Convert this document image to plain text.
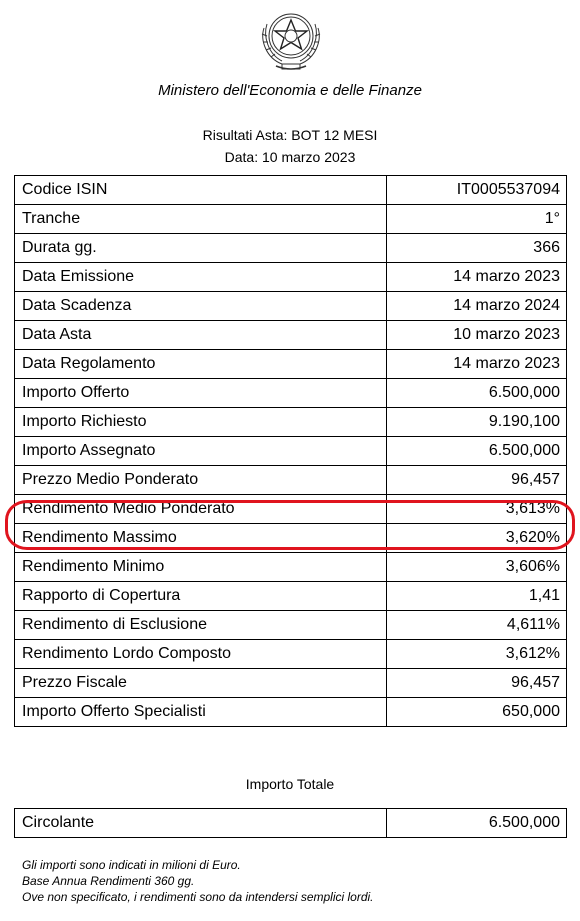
Ministero dell'Economia e delle Finanze
Risultati Asta: BOT 12 MESI
Data: 10 marzo 2023
Codice ISIN	IT0005537094
Tranche	1°
Durata gg.	366
Data Emissione	14 marzo 2023
Data Scadenza	14 marzo 2024
Data Asta	10 marzo 2023
Data Regolamento	14 marzo 2023
Importo Offerto	6.500,000
Importo Richiesto	9.190,100
Importo Assegnato	6.500,000
Prezzo Medio Ponderato	96,457
Rendimento Medio Ponderato	3,613%
Rendimento Massimo	3,620%
Rendimento Minimo	3,606%
Rapporto di Copertura	1,41
Rendimento di Esclusione	4,611%
Rendimento Lordo Composto	3,612%
Prezzo Fiscale	96,457
Importo Offerto Specialisti	650,000
Importo Totale
Circolante	6.500,000
Gli importi sono indicati in milioni di Euro.
Base Annua Rendimenti 360 gg.
Ove non specificato, i rendimenti sono da intendersi semplici lordi.
